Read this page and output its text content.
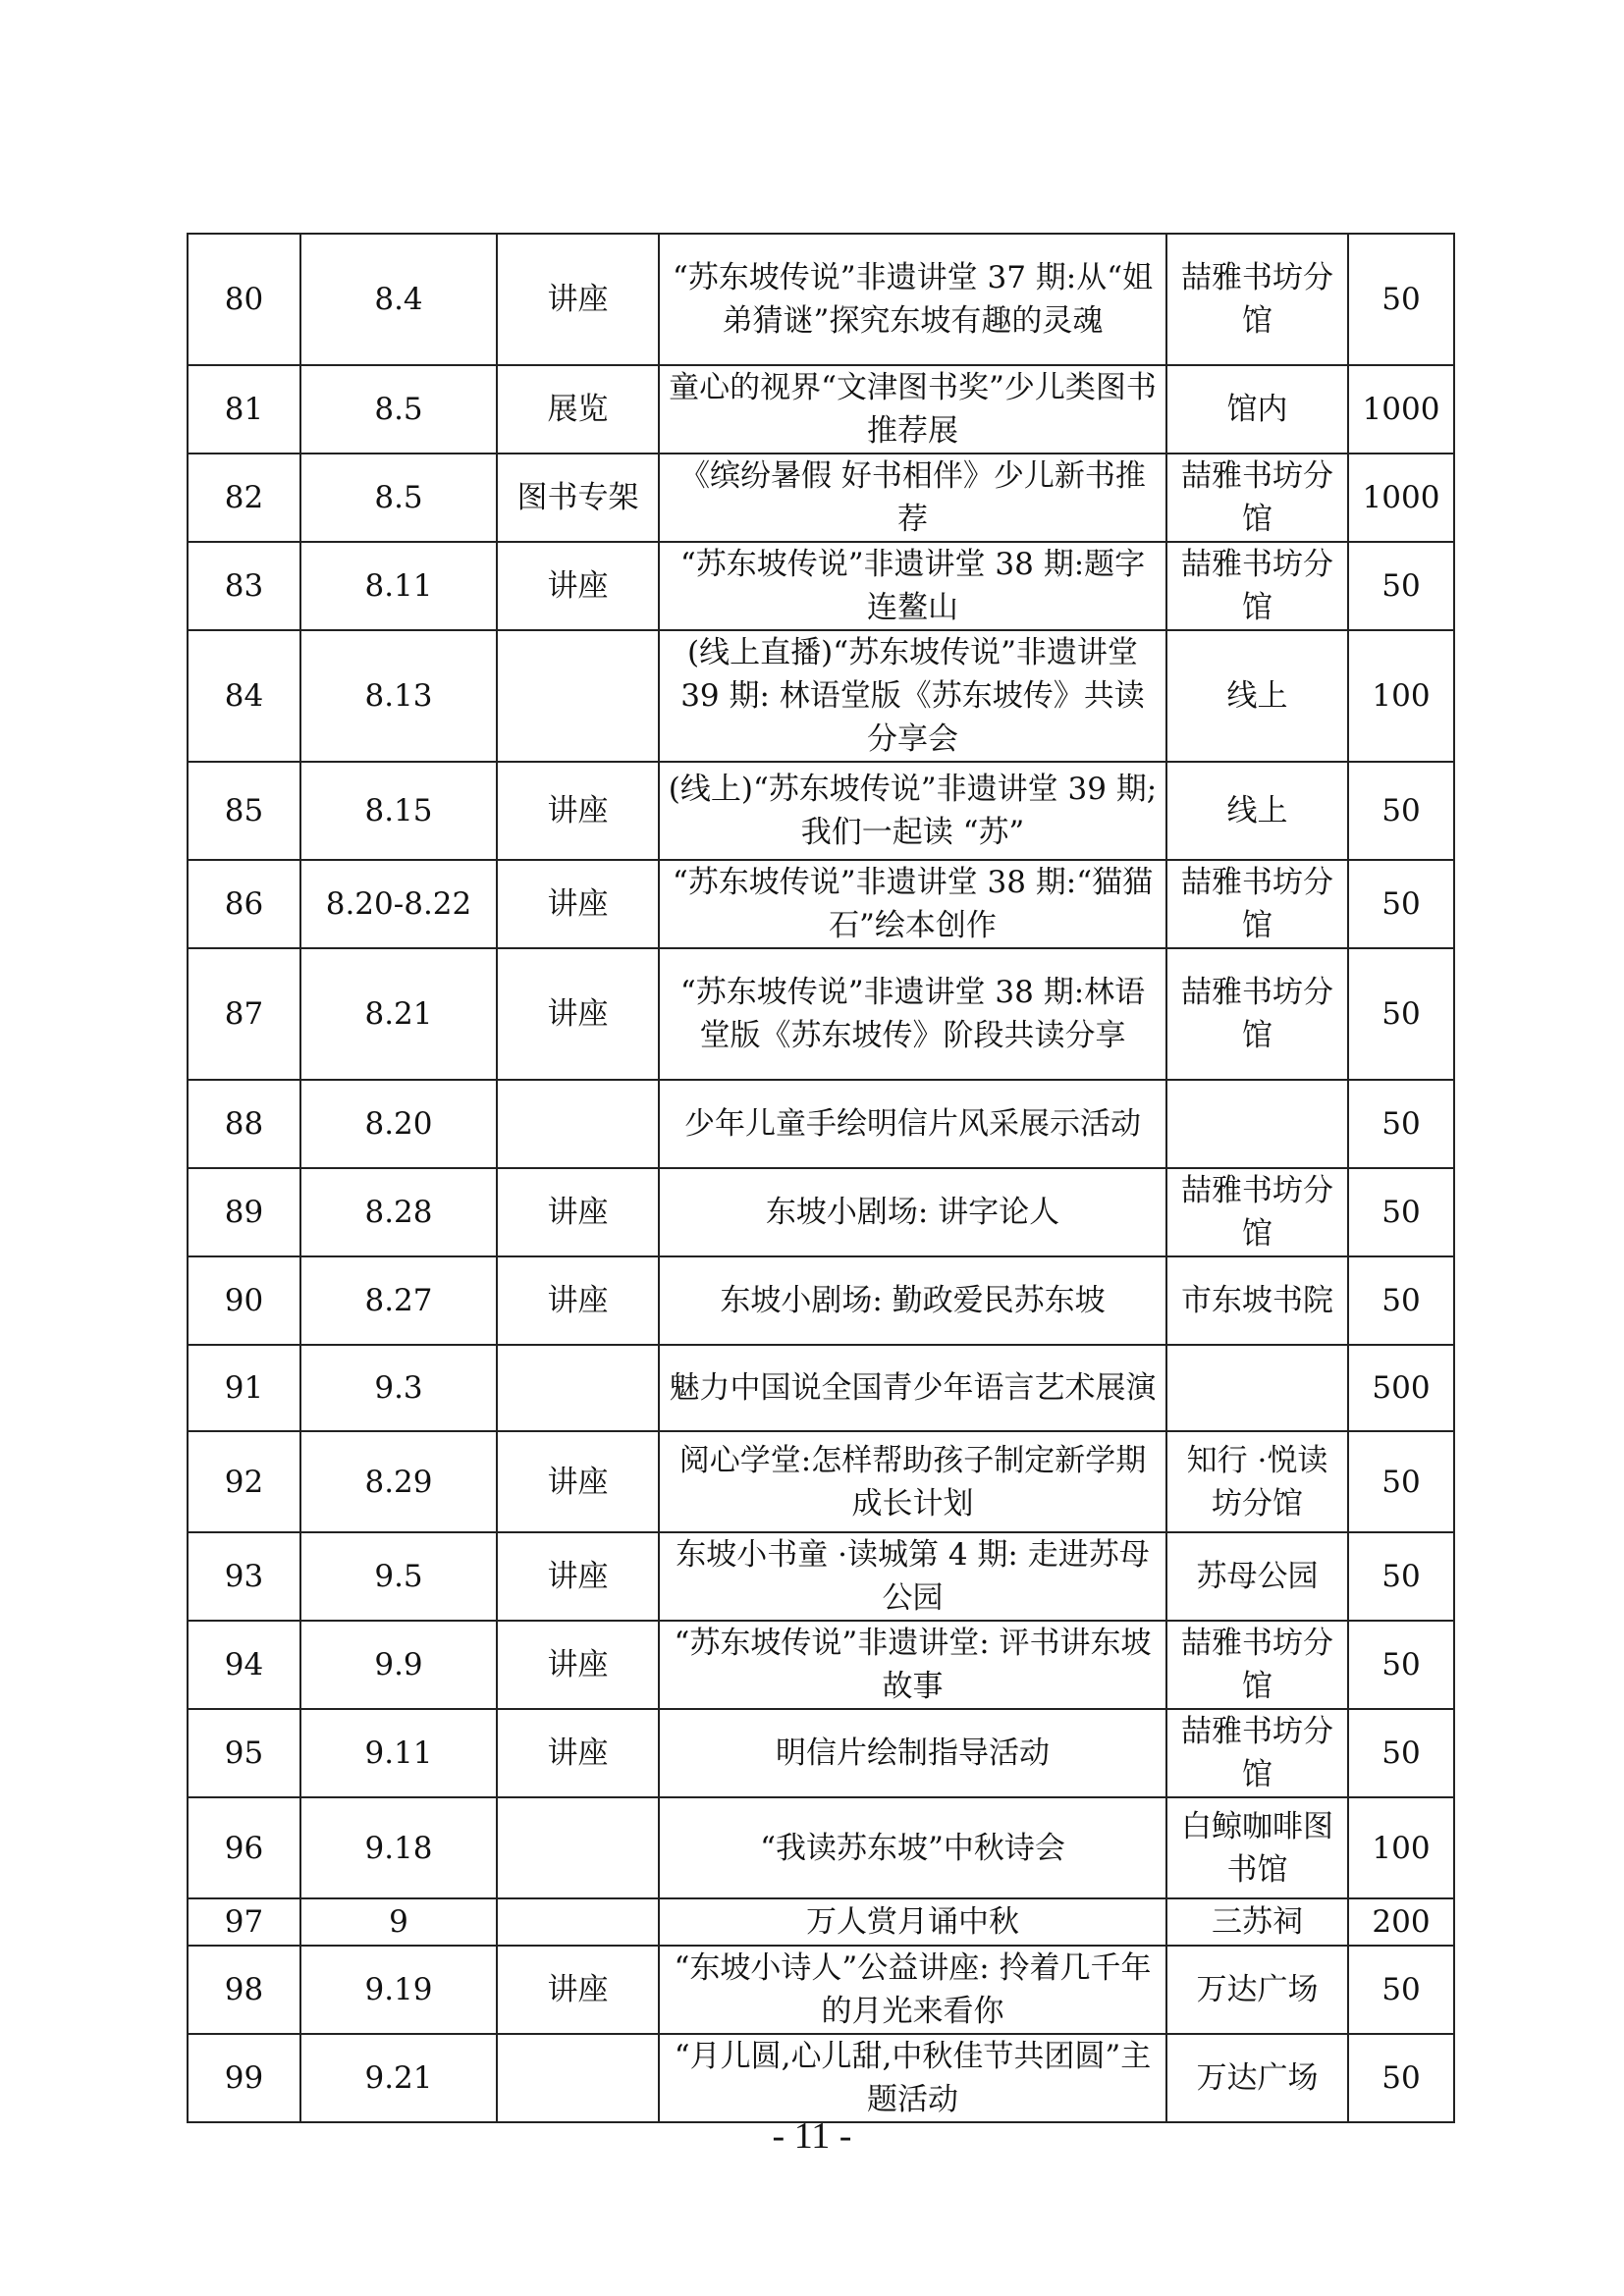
80	8.4	讲座	“苏东坡传说”非遗讲堂 37 期:从“姐弟猜谜”探究东坡有趣的灵魂	喆雅书坊分馆	50
81	8.5	展览	童心的视界“文津图书奖”少儿类图书推荐展	馆内	1000
82	8.5	图书专架	《缤纷暑假 好书相伴》少儿新书推荐	喆雅书坊分馆	1000
83	8.11	讲座	“苏东坡传说”非遗讲堂 38 期:题字连鳌山	喆雅书坊分馆	50
84	8.13		(线上直播)“苏东坡传说”非遗讲堂 39 期: 林语堂版《苏东坡传》共读分享会	线上	100
85	8.15	讲座	(线上)“苏东坡传说”非遗讲堂 39 期;我们一起读 “苏”	线上	50
86	8.20-8.22	讲座	“苏东坡传说”非遗讲堂 38 期:“猫猫石”绘本创作	喆雅书坊分馆	50
87	8.21	讲座	“苏东坡传说”非遗讲堂 38 期:林语堂版《苏东坡传》阶段共读分享	喆雅书坊分馆	50
88	8.20		少年儿童手绘明信片风采展示活动		50
89	8.28	讲座	东坡小剧场: 讲字论人	喆雅书坊分馆	50
90	8.27	讲座	东坡小剧场: 勤政爱民苏东坡	市东坡书院	50
91	9.3		魅力中国说全国青少年语言艺术展演		500
92	8.29	讲座	阅心学堂:怎样帮助孩子制定新学期成长计划	知行 ·悦读坊分馆	50
93	9.5	讲座	东坡小书童 ·读城第 4 期: 走进苏母公园	苏母公园	50
94	9.9	讲座	“苏东坡传说”非遗讲堂: 评书讲东坡故事	喆雅书坊分馆	50
95	9.11	讲座	明信片绘制指导活动	喆雅书坊分馆	50
96	9.18		“我读苏东坡”中秋诗会	白鲸咖啡图书馆	100
97	9		万人赏月诵中秋	三苏祠	200
98	9.19	讲座	“东坡小诗人”公益讲座: 拎着几千年的月光来看你	万达广场	50
99	9.21		“月儿圆,心儿甜,中秋佳节共团圆”主题活动	万达广场	50
- 11 -
